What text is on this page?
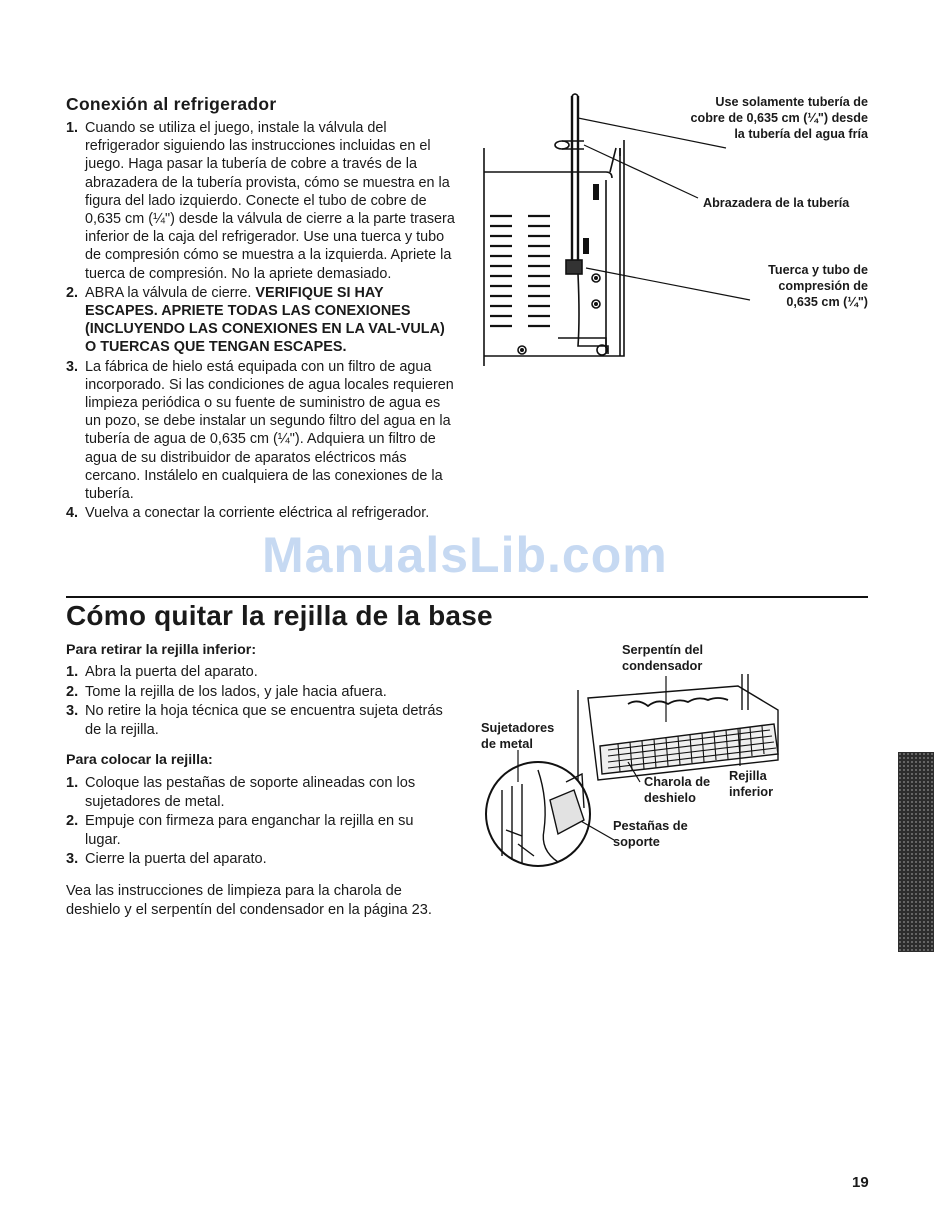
Conexión al refrigerador
1. Cuando se utiliza el juego, instale la válvula del refrigerador siguiendo las instrucciones incluidas en el juego. Haga pasar la tubería de cobre a través de la abrazadera de la tubería provista, cómo se muestra en la figura del lado izquierdo. Conecte el tubo de cobre de 0,635 cm (¼") desde la válvula de cierre a la parte trasera inferior de la caja del refrigerador. Use una tuerca y tubo de compresión cómo se muestra a la izquierda. Apriete la tuerca de compresión. No la apriete demasiado.
2. ABRA la válvula de cierre. VERIFIQUE SI HAY ESCAPES. APRIETE TODAS LAS CONEXIONES (INCLUYENDO LAS CONEXIONES EN LA VAL-VULA) O TUERCAS QUE TENGAN ESCAPES.
3. La fábrica de hielo está equipada con un filtro de agua incorporado. Si las condiciones de agua locales requieren limpieza periódica o su fuente de suministro de agua es un pozo, se debe instalar un segundo filtro del agua en la tubería de agua de 0,635 cm (¼"). Adquiera un filtro de agua de su distribuidor de aparatos eléctricos más cercano. Instálelo en cualquiera de las conexiones de la tubería.
4. Vuelva a conectar la corriente eléctrica al refrigerador.
Use solamente tubería de cobre de 0,635 cm (¼") desde la tubería del agua fría
Abrazadera de la tubería
Tuerca y tubo de compresión de 0,635 cm (¼")
ManualsLib.com
Cómo quitar la rejilla de la base
Para retirar la rejilla inferior:
1. Abra la puerta del aparato.
2. Tome la rejilla de los lados, y jale hacia afuera.
3. No retire la hoja técnica que se encuentra sujeta detrás de la rejilla.
Para colocar la rejilla:
1. Coloque las pestañas de soporte alineadas con los sujetadores de metal.
2. Empuje con firmeza para enganchar la rejilla en su lugar.
3. Cierre la puerta del aparato.
Vea las instrucciones de limpieza para la charola de deshielo y el serpentín del condensador en la página 23.
Serpentín del condensador
Sujetadores de metal
Charola de deshielo
Rejilla inferior
Pestañas de soporte
19
